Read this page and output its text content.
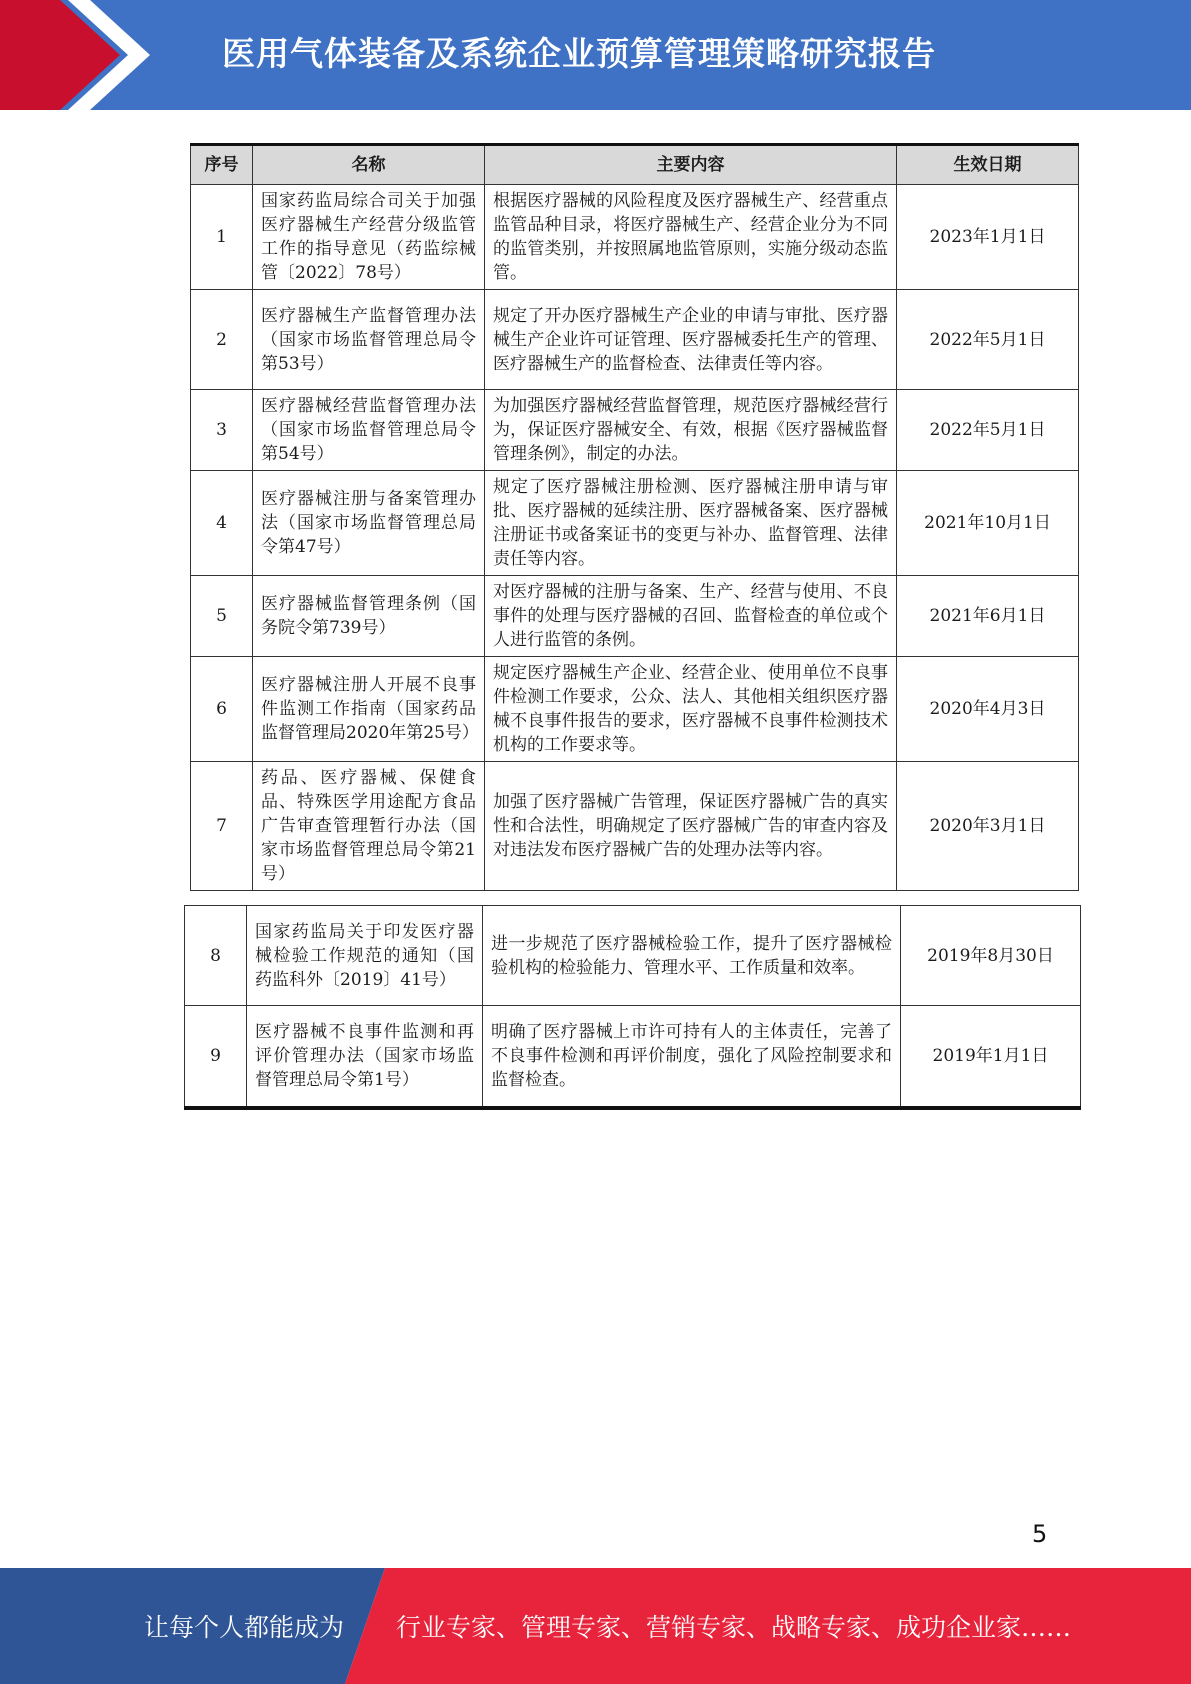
医用气体装备及系统企业预算管理策略研究报告
序号	名称	主要内容	生效日期
1	国家药监局综合司关于加强医疗器械生产经营分级监管工作的指导意见（药监综械管〔2022〕78号）	根据医疗器械的风险程度及医疗器械生产、经营重点监管品种目录，将医疗器械生产、经营企业分为不同的监管类别，并按照属地监管原则，实施分级动态监管。	2023年1月1日
2	医疗器械生产监督管理办法（国家市场监督管理总局令第53号）	规定了开办医疗器械生产企业的申请与审批、医疗器械生产企业许可证管理、医疗器械委托生产的管理、医疗器械生产的监督检查、法律责任等内容。	2022年5月1日
3	医疗器械经营监督管理办法（国家市场监督管理总局令第54号）	为加强医疗器械经营监督管理，规范医疗器械经营行为，保证医疗器械安全、有效，根据《医疗器械监督管理条例》，制定的办法。	2022年5月1日
4	医疗器械注册与备案管理办法（国家市场监督管理总局令第47号）	规定了医疗器械注册检测、医疗器械注册申请与审批、医疗器械的延续注册、医疗器械备案、医疗器械注册证书或备案证书的变更与补办、监督管理、法律责任等内容。	2021年10月1日
5	医疗器械监督管理条例（国务院令第739号）	对医疗器械的注册与备案、生产、经营与使用、不良事件的处理与医疗器械的召回、监督检查的单位或个人进行监管的条例。	2021年6月1日
6	医疗器械注册人开展不良事件监测工作指南（国家药品监督管理局2020年第25号）	规定医疗器械生产企业、经营企业、使用单位不良事件检测工作要求，公众、法人、其他相关组织医疗器械不良事件报告的要求，医疗器械不良事件检测技术机构的工作要求等。	2020年4月3日
7	药品、医疗器械、保健食品、特殊医学用途配方食品广告审查管理暂行办法（国家市场监督管理总局令第21号）	加强了医疗器械广告管理，保证医疗器械广告的真实性和合法性，明确规定了医疗器械广告的审查内容及对违法发布医疗器械广告的处理办法等内容。	2020年3月1日
8	国家药监局关于印发医疗器械检验工作规范的通知（国药监科外〔2019〕41号）	进一步规范了医疗器械检验工作，提升了医疗器械检验机构的检验能力、管理水平、工作质量和效率。	2019年8月30日
9	医疗器械不良事件监测和再评价管理办法（国家市场监督管理总局令第1号）	明确了医疗器械上市许可持有人的主体责任，完善了不良事件检测和再评价制度，强化了风险控制要求和监督检查。	2019年1月1日
5
让每个人都能成为 行业专家、管理专家、营销专家、战略专家、成功企业家……
